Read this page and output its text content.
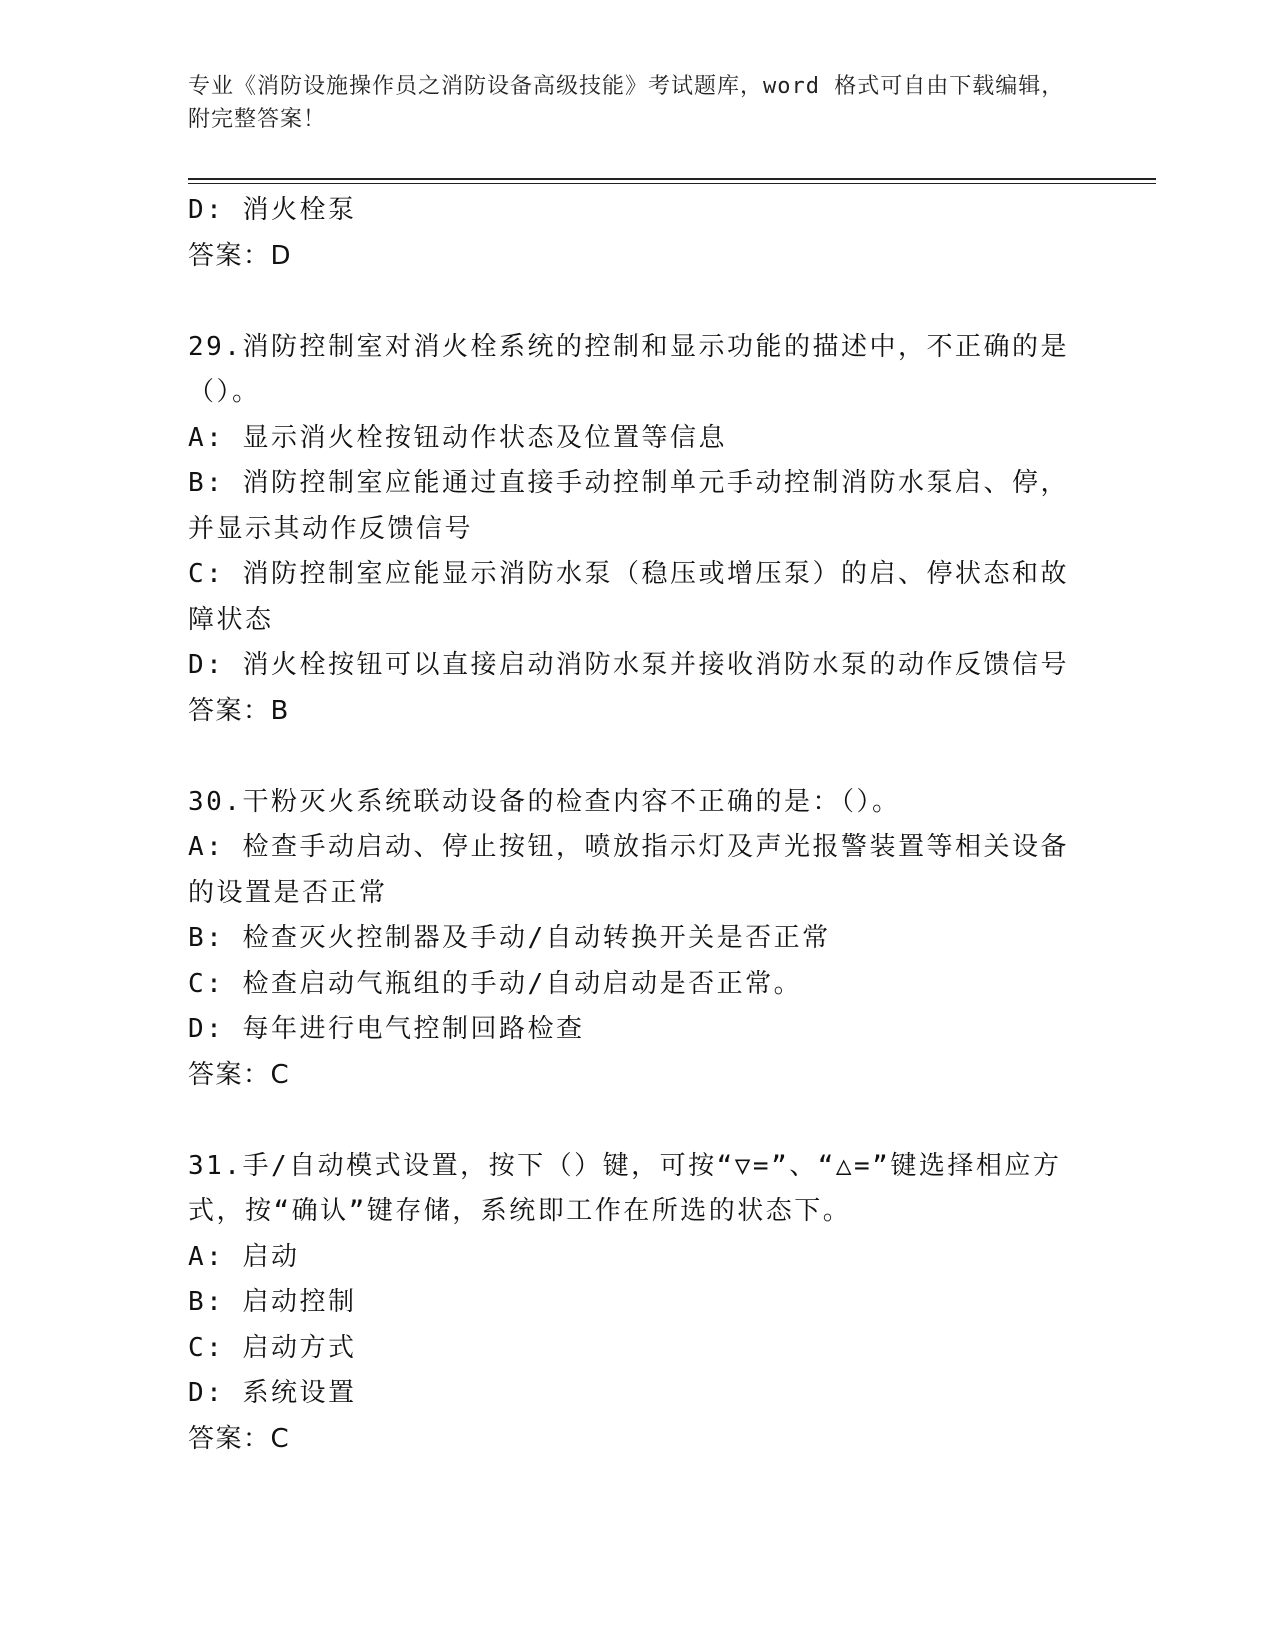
专业《消防设施操作员之消防设备高级技能》考试题库，word 格式可自由下载编辑，附完整答案！
D: 消火栓泵
答案：D
29.消防控制室对消火栓系统的控制和显示功能的描述中，不正确的是（）。
A: 显示消火栓按钮动作状态及位置等信息
B: 消防控制室应能通过直接手动控制单元手动控制消防水泵启、停，并显示其动作反馈信号
C: 消防控制室应能显示消防水泵（稳压或增压泵）的启、停状态和故障状态
D: 消火栓按钮可以直接启动消防水泵并接收消防水泵的动作反馈信号
答案：B
30.干粉灭火系统联动设备的检查内容不正确的是：（）。
A: 检查手动启动、停止按钮，喷放指示灯及声光报警装置等相关设备的设置是否正常
B: 检查灭火控制器及手动/自动转换开关是否正常
C: 检查启动气瓶组的手动/自动启动是否正常。
D: 每年进行电气控制回路检查
答案：C
31.手/自动模式设置，按下（）键，可按“▽=”、“△=”键选择相应方式，按“确认”键存储，系统即工作在所选的状态下。
A: 启动
B: 启动控制
C: 启动方式
D: 系统设置
答案：C
